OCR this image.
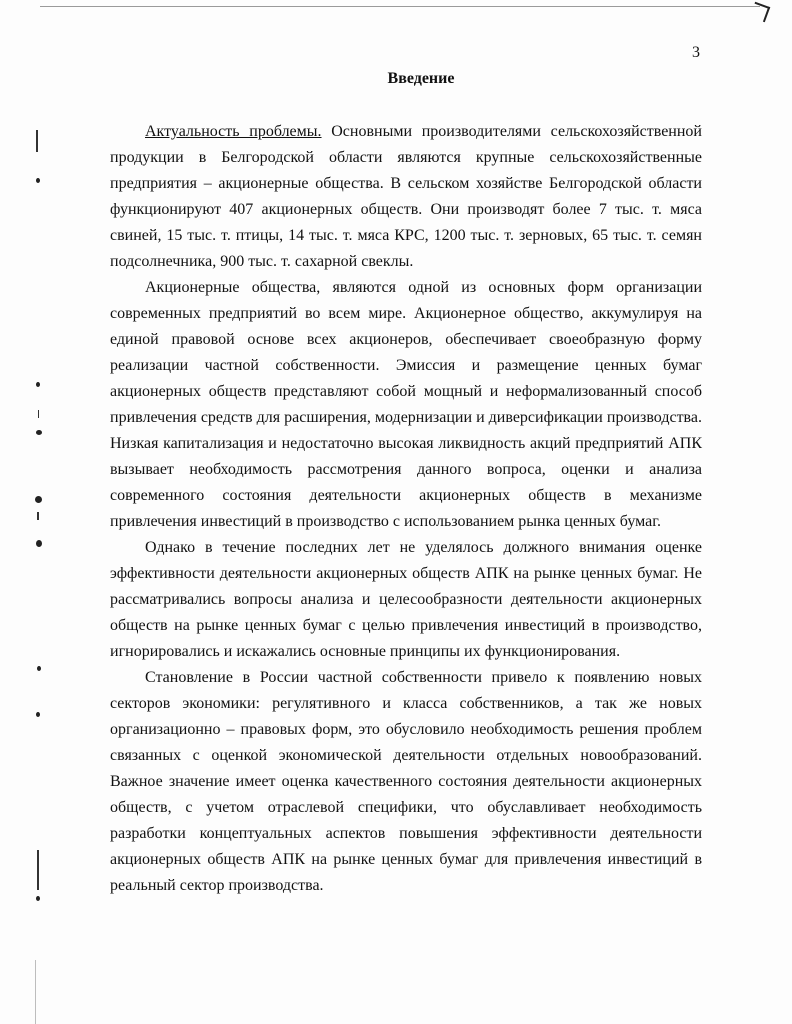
3
Введение

Актуальность проблемы. Основными производителями сельскохозяйственной продукции в Белгородской области являются крупные сельскохозяйственные предприятия – акционерные общества. В сельском хозяйстве Белгородской области функционируют 407 акционерных обществ. Они производят более 7 тыс. т. мяса свиней, 15 тыс. т. птицы, 14 тыс. т. мяса КРС, 1200 тыс. т. зерновых, 65 тыс. т. семян подсолнечника, 900 тыс. т. сахарной свеклы.

Акционерные общества, являются одной из основных форм организации современных предприятий во всем мире. Акционерное общество, аккумулируя на единой правовой основе всех акционеров, обеспечивает своеобразную форму реализации частной собственности. Эмиссия и размещение ценных бумаг акционерных обществ представляют собой мощный и неформализованный способ привлечения средств для расширения, модернизации и диверсификации производства. Низкая капитализация и недостаточно высокая ликвидность акций предприятий АПК вызывает необходимость рассмотрения данного вопроса, оценки и анализа современного состояния деятельности акционерных обществ в механизме привлечения инвестиций в производство с использованием рынка ценных бумаг.

Однако в течение последних лет не уделялось должного внимания оценке эффективности деятельности акционерных обществ АПК на рынке ценных бумаг. Не рассматривались вопросы анализа и целесообразности деятельности акционерных обществ на рынке ценных бумаг с целью привлечения инвестиций в производство, игнорировались и искажались основные принципы их функционирования.

Становление в России частной собственности привело к появлению новых секторов экономики: регулятивного и класса собственников, а так же новых организационно – правовых форм, это обусловило необходимость решения проблем связанных с оценкой экономической деятельности отдельных новообразований. Важное значение имеет оценка качественного состояния деятельности акционерных обществ, с учетом отраслевой специфики, что обуславливает необходимость разработки концептуальных аспектов повышения эффективности деятельности акционерных обществ АПК на рынке ценных бумаг для привлечения инвестиций в реальный сектор производства.
